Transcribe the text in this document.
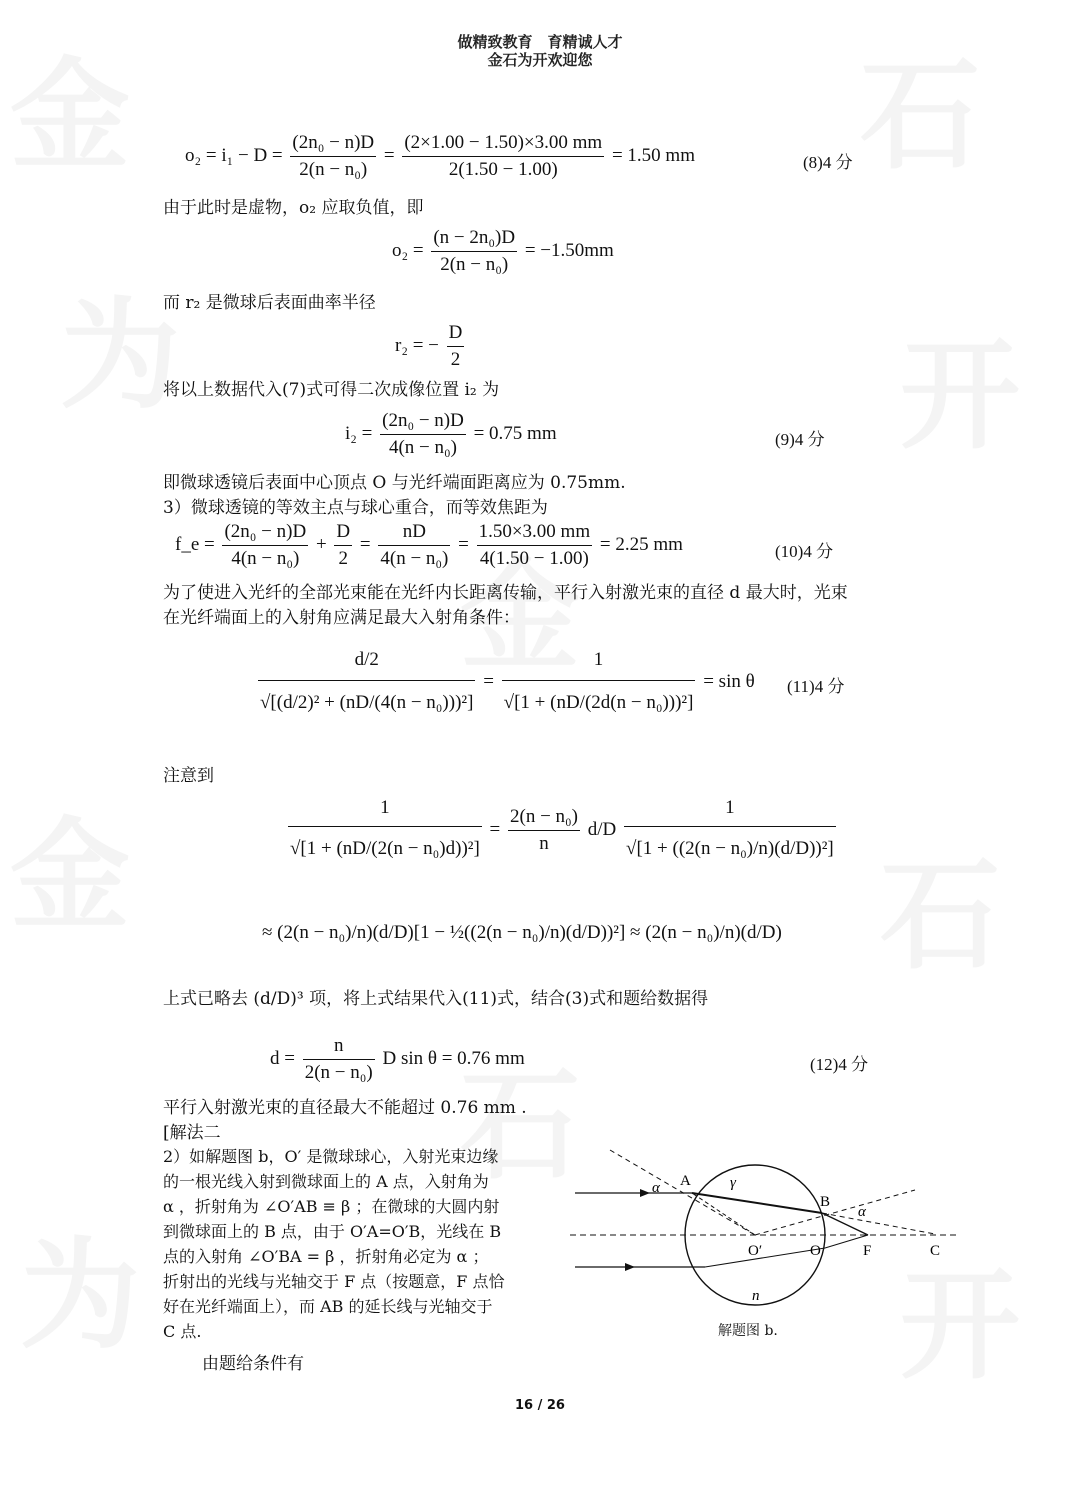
做精致教育　育精诚人才
金石为开欢迎您
$o_2 = i_1 - D = \frac{\text{(2n₀ − n)D}}{\text{2(n − n₀)}} = \frac{(2\times 1.00 - 1.50)\times 3.00 mm}{2(1.50 - 1.00)} = 1.50$ mm	(8)4 分
由于此时是虚物，o₂ 应取负值，即
$o_2 = \frac{\text{(n − 2n₀)D}}{\text{2(n − n₀)}} = -1.50mm$
而 r₂ 是微球后表面曲率半径
r₂ = − $\frac{D}{2}$
将以上数据代入(7)式可得二次成像位置 i₂ 为
$i_2 = \frac{\text{(2n₀ − n)D}}{\text{4(n − n₀)}} = 0.75$ mm	(9)4 分
即微球透镜后表面中心顶点 O 与光纤端面距离应为 0.75mm.
3）微球透镜的等效主点与球心重合，而等效焦距为
f_e = $\frac{\text{(2n₀ − n)D}}{\text{4(n − n₀)}} + \frac{D}{2} = \frac{nD}{\text{4(n − n₀)}} = \frac{1.50\times 3.00 mm}{4(1.50 - 1.00)} = 2.25$ mm	(10)4 分
为了使进入光纤的全部光束能在光纤内长距离传输，平行入射激光束的直径 d 最大时，光束
在光纤端面上的入射角应满足最大入射角条件：
$\frac{d/2}{\text{√[(d/2)² + (nD/(4(n − n₀)))²]}} = \frac{1}{\text{√[1 + (nD/(2d(n − n₀)))²]}} = \sin \theta$ (11)4 分
注意到
$\frac{1}{\text{√[1 + (nD/(2(n − n₀)d))²]}} = \frac{\text{2(n − n₀)}}{n} d/D \frac{1}{\text{√[1 + ((2(n − n₀)/n)(d/D))²]}}$
≈ (2(n − n₀)/n)(d/D)[1 − ½((2(n − n₀)/n)(d/D))²] ≈ (2(n − n₀)/n)(d/D)
上式已略去 (d/D)³ 项，将上式结果代入(11)式，结合(3)式和题给数据得
$d = \frac{n}{\text{2(n − n₀)}}$ D sin θ = 0.76 mm	(12)4 分
平行入射激光束的直径最大不能超过 0.76 mm .
[解法二
2）如解题图 b，O′ 是微球球心，入射光束边缘
的一根光线入射到微球面上的 A 点，入射角为
α ，折射角为 ∠O′AB ≡ β ；在微球的大圆内射
到微球面上的 B 点，由于 O′A=O′B，光线在 B
点的入射角 ∠O′BA = β ，折射角必定为 α ；
折射出的光线与光轴交于 F 点（按题意，F 点恰
好在光纤端面上），而 AB 的延长线与光轴交于
C 点.
由题给条件有
A
B
O′	O	F	C
n
α	γ
α
解题图 b.
16 / 26
